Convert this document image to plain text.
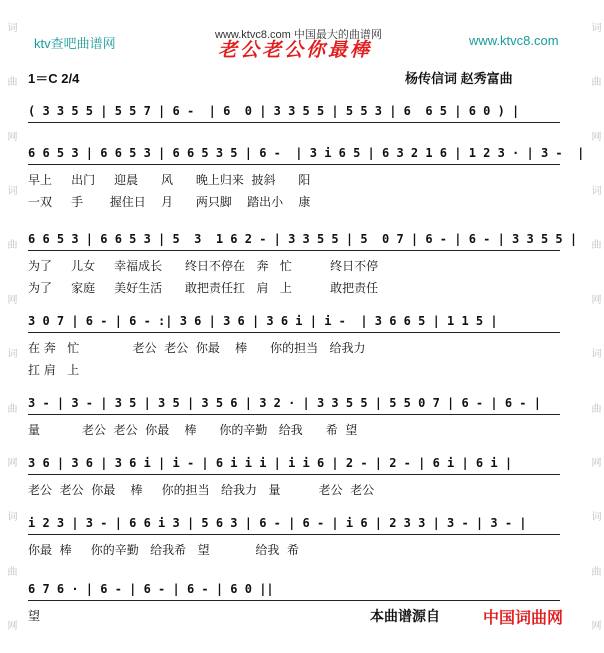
词
曲
网
词
曲
网
词
曲
网
词
曲
网
词
曲
网
词
曲
网
词
曲
网
词
曲
网
ktv查吧曲谱网
www.ktvc8.com 中国最大的曲谱网	www.ktvc8.com
老公老公你最棒
1＝C 2/4	杨传信词 赵秀富曲
( 3 3 5 5 | 5 5 7 | 6 -  | 6  0 | 3 3 5 5 | 5 5 3 | 6  6 5 | 6 0 ) |
6 6 5 3 | 6 6 5 3 | 6 6 5 3 5 | 6 -  | 3 i 6 5 | 6 3 2 1 6 | 1 2 3 · | 3 -  |
早上     出门     迎晨      风      晚上归来  披斜      阳
一双     手       握住日    月      两只脚    踏出小    康
6 6 5 3 | 6 6 5 3 | 5  3  1 6 2 - | 3 3 5 5 | 5  0 7 | 6 - | 6 - | 3 3 5 5 |
为了     儿女     幸福成长      终日不停在   奔   忙          终日不停
为了     家庭     美好生活      敢把责任扛   肩   上          敢把责任
3 0 7 | 6 - | 6 - :| 3 6 | 3 6 | 3 6 i | i -  | 3 6 6 5 | 1 1 5 |
在 奔   忙              老公  老公  你最    棒      你的担当   给我力
扛 肩   上
3 - | 3 - | 3 5 | 3 5 | 3 5 6 | 3 2 · | 3 3 5 5 | 5 5 0 7 | 6 - | 6 - |
量           老公  老公  你最    棒      你的辛勤   给我      希  望
3 6 | 3 6 | 3 6 i | i - | 6 i i i | i i 6 | 2 - | 2 - | 6 i | 6 i |
老公  老公  你最    棒     你的担当   给我力   量          老公  老公
i 2 3 | 3 - | 6 6 i 3 | 5 6 3 | 6 - | 6 - | i 6 | 2 3 3 | 3 - | 3 - |
你最  棒     你的辛勤   给我希   望            给我  希
6 7 6 · | 6 - | 6 - | 6 - | 6 0 ||
望	本曲谱源自	中国词曲网
